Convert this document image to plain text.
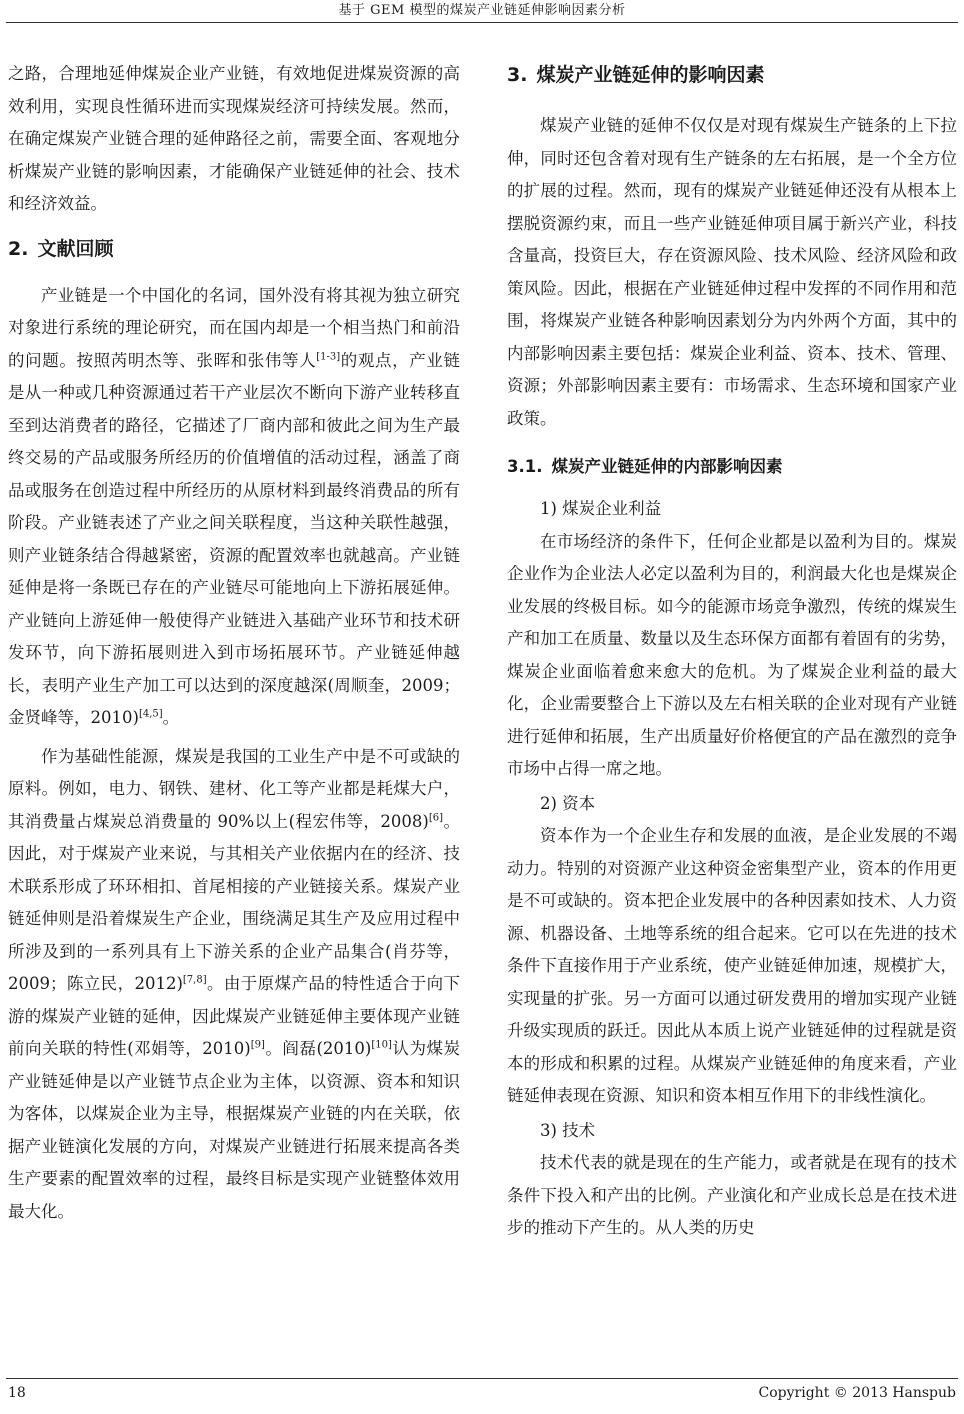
基于 GEM 模型的煤炭产业链延伸影响因素分析

之路，合理地延伸煤炭企业产业链，有效地促进煤炭资源的高效利用，实现良性循环进而实现煤炭经济可持续发展。然而，在确定煤炭产业链合理的延伸路径之前，需要全面、客观地分析煤炭产业链的影响因素，才能确保产业链延伸的社会、技术和经济效益。

2. 文献回顾

产业链是一个中国化的名词，国外没有将其视为独立研究对象进行系统的理论研究，而在国内却是一个相当热门和前沿的问题。按照芮明杰等、张晖和张伟等人[1-3]的观点，产业链是从一种或几种资源通过若干产业层次不断向下游产业转移直至到达消费者的路径，它描述了厂商内部和彼此之间为生产最终交易的产品或服务所经历的价值增值的活动过程，涵盖了商品或服务在创造过程中所经历的从原材料到最终消费品的所有阶段。产业链表述了产业之间关联程度，当这种关联性越强，则产业链条结合得越紧密，资源的配置效率也就越高。产业链延伸是将一条既已存在的产业链尽可能地向上下游拓展延伸。产业链向上游延伸一般使得产业链进入基础产业环节和技术研发环节，向下游拓展则进入到市场拓展环节。产业链延伸越长，表明产业生产加工可以达到的深度越深(周顺奎，2009；金贤峰等，2010)[4,5]。

作为基础性能源，煤炭是我国的工业生产中是不可或缺的原料。例如，电力、钢铁、建材、化工等产业都是耗煤大户，其消费量占煤炭总消费量的 90%以上(程宏伟等，2008)[6]。因此，对于煤炭产业来说，与其相关产业依据内在的经济、技术联系形成了环环相扣、首尾相接的产业链接关系。煤炭产业链延伸则是沿着煤炭生产企业，围绕满足其生产及应用过程中所涉及到的一系列具有上下游关系的企业产品集合(肖芬等，2009；陈立民，2012)[7,8]。由于原煤产品的特性适合于向下游的煤炭产业链的延伸，因此煤炭产业链延伸主要体现产业链前向关联的特性(邓娟等，2010)[9]。阎磊(2010)[10]认为煤炭产业链延伸是以产业链节点企业为主体，以资源、资本和知识为客体，以煤炭企业为主导，根据煤炭产业链的内在关联，依据产业链演化发展的方向，对煤炭产业链进行拓展来提高各类生产要素的配置效率的过程，最终目标是实现产业链整体效用最大化。

3. 煤炭产业链延伸的影响因素

煤炭产业链的延伸不仅仅是对现有煤炭生产链条的上下拉伸，同时还包含着对现有生产链条的左右拓展，是一个全方位的扩展的过程。然而，现有的煤炭产业链延伸还没有从根本上摆脱资源约束，而且一些产业链延伸项目属于新兴产业，科技含量高，投资巨大，存在资源风险、技术风险、经济风险和政策风险。因此，根据在产业链延伸过程中发挥的不同作用和范围，将煤炭产业链各种影响因素划分为内外两个方面，其中的内部影响因素主要包括：煤炭企业利益、资本、技术、管理、资源；外部影响因素主要有：市场需求、生态环境和国家产业政策。

3.1. 煤炭产业链延伸的内部影响因素

1) 煤炭企业利益

在市场经济的条件下，任何企业都是以盈利为目的。煤炭企业作为企业法人必定以盈利为目的，利润最大化也是煤炭企业发展的终极目标。如今的能源市场竞争激烈，传统的煤炭生产和加工在质量、数量以及生态环保方面都有着固有的劣势，煤炭企业面临着愈来愈大的危机。为了煤炭企业利益的最大化，企业需要整合上下游以及左右相关联的企业对现有产业链进行延伸和拓展，生产出质量好价格便宜的产品在激烈的竞争市场中占得一席之地。

2) 资本

资本作为一个企业生存和发展的血液，是企业发展的不竭动力。特别的对资源产业这种资金密集型产业，资本的作用更是不可或缺的。资本把企业发展中的各种因素如技术、人力资源、机器设备、土地等系统的组合起来。它可以在先进的技术条件下直接作用于产业系统，使产业链延伸加速，规模扩大，实现量的扩张。另一方面可以通过研发费用的增加实现产业链升级实现质的跃迁。因此从本质上说产业链延伸的过程就是资本的形成和积累的过程。从煤炭产业链延伸的角度来看，产业链延伸表现在资源、知识和资本相互作用下的非线性演化。

3) 技术

技术代表的就是现在的生产能力，或者就是在现有的技术条件下投入和产出的比例。产业演化和产业成长总是在技术进步的推动下产生的。从人类的历史

18	Copyright © 2013 Hanspub
